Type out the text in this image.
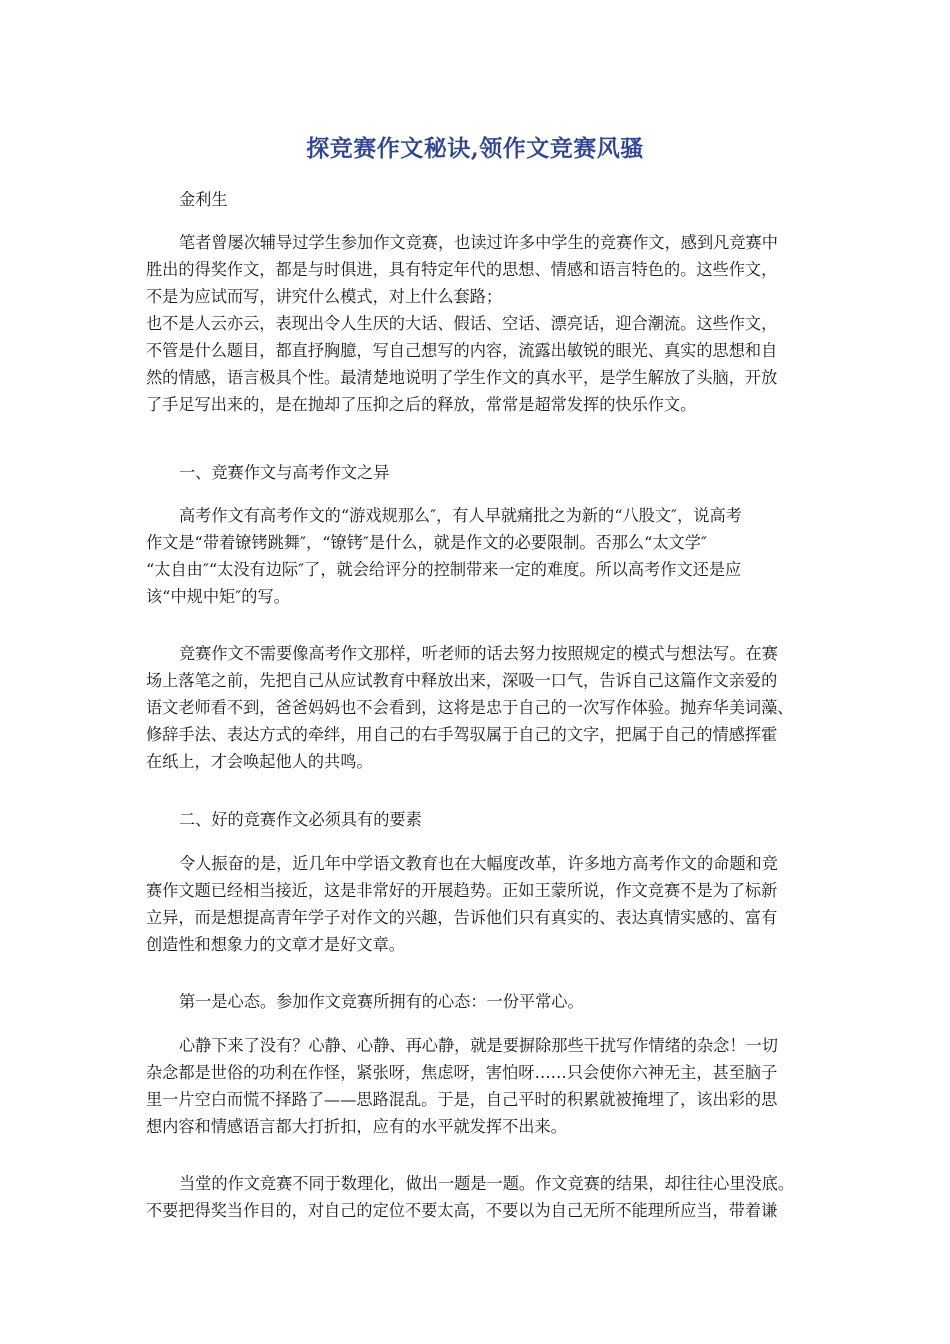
探竞赛作文秘诀,领作文竞赛风骚

金利生

笔者曾屡次辅导过学生参加作文竞赛，也读过许多中学生的竞赛作文，感到凡竞赛中
胜出的得奖作文，都是与时俱进，具有特定年代的思想、情感和语言特色的。这些作文，
不是为应试而写，讲究什么模式，对上什么套路；
也不是人云亦云，表现出令人生厌的大话、假话、空话、漂亮话，迎合潮流。这些作文，
不管是什么题目，都直抒胸臆，写自己想写的内容，流露出敏锐的眼光、真实的思想和自
然的情感，语言极具个性。最清楚地说明了学生作文的真水平，是学生解放了头脑，开放
了手足写出来的，是在抛却了压抑之后的释放，常常是超常发挥的快乐作文。

一、竞赛作文与高考作文之异

高考作文有高考作文的“游戏规那么″，有人早就痛批之为新的“八股文″，说高考
作文是“带着镣铐跳舞″，“镣铐″是什么，就是作文的必要限制。否那么“太文学″
“太自由″“太没有边际″了，就会给评分的控制带来一定的难度。所以高考作文还是应
该“中规中矩″的写。

竞赛作文不需要像高考作文那样，听老师的话去努力按照规定的模式与想法写。在赛
场上落笔之前，先把自己从应试教育中释放出来，深吸一口气，告诉自己这篇作文亲爱的
语文老师看不到，爸爸妈妈也不会看到，这将是忠于自己的一次写作体验。抛弃华美词藻、
修辞手法、表达方式的牵绊，用自己的右手驾驭属于自己的文字，把属于自己的情感挥霍
在纸上，才会唤起他人的共鸣。

二、好的竞赛作文必须具有的要素

令人振奋的是，近几年中学语文教育也在大幅度改革，许多地方高考作文的命题和竞
赛作文题已经相当接近，这是非常好的开展趋势。正如王蒙所说，作文竞赛不是为了标新
立异，而是想提高青年学子对作文的兴趣，告诉他们只有真实的、表达真情实感的、富有
创造性和想象力的文章才是好文章。

第一是心态。参加作文竞赛所拥有的心态：一份平常心。

心静下来了没有？心静、心静、再心静，就是要摒除那些干扰写作情绪的杂念！一切
杂念都是世俗的功利在作怪，紧张呀，焦虑呀，害怕呀……只会使你六神无主，甚至脑子
里一片空白而慌不择路了——思路混乱。于是，自己平时的积累就被掩埋了，该出彩的思
想内容和情感语言都大打折扣，应有的水平就发挥不出来。

当堂的作文竞赛不同于数理化，做出一题是一题。作文竞赛的结果，却往往心里没底。
不要把得奖当作目的，对自己的定位不要太高，不要以为自己无所不能理所应当，带着谦
